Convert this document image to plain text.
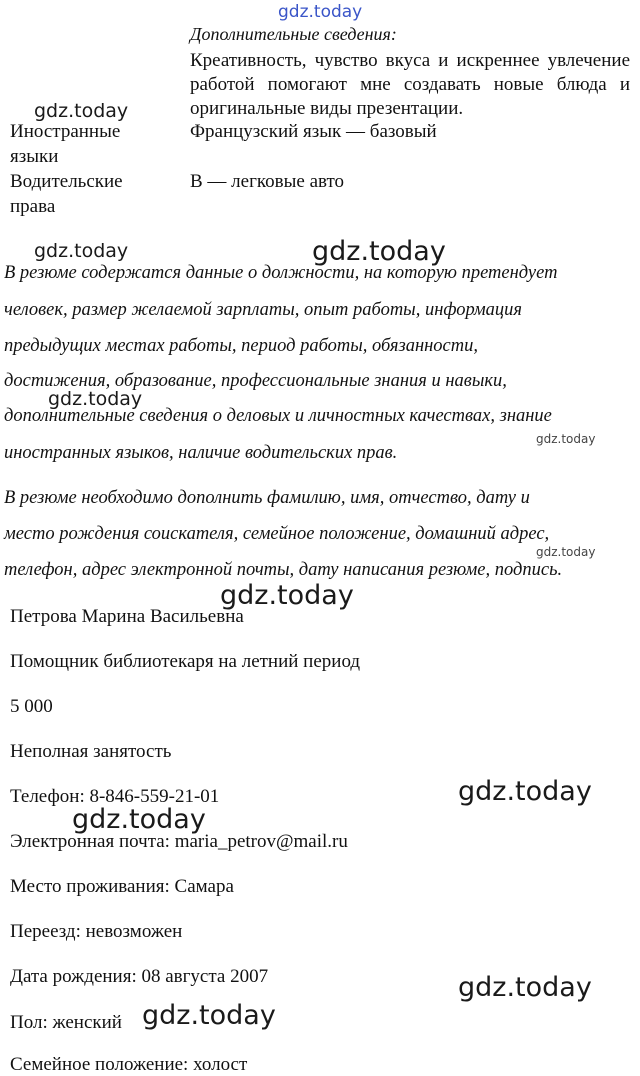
gdz.today
Дополнительные сведения:
Креативность, чувство вкуса и искреннее увлечение работой помогают мне создавать новые блюда и оригинальные виды презентации.
gdz.today
Иностранные
языки
Французский язык — базовый
Водительские
права
В — легковые авто
gdz.today	gdz.today
В резюме содержатся данные о должности, на которую претендует
человек, размер желаемой зарплаты, опыт работы, информация
предыдущих местах работы, период работы, обязанности,
достижения, образование, профессиональные знания и навыки,
gdz.today
дополнительные сведения о деловых и личностных качествах, знание
gdz.today
иностранных языков, наличие водительских прав.
В резюме необходимо дополнить фамилию, имя, отчество, дату и
место рождения соискателя, семейное положение, домашний адрес,
gdz.today
телефон, адрес электронной почты, дату написания резюме, подпись.
gdz.today
Петрова Марина Васильевна
Помощник библиотекаря на летний период
5 000
Неполная занятость
gdz.today
Телефон: 8-846-559-21-01
gdz.today
Электронная почта: maria_petrov@mail.ru
Место проживания: Самара
Переезд: невозможен
Дата рождения: 08 августа 2007	gdz.today
Пол: женский gdz.today
Семейное положение: холост
